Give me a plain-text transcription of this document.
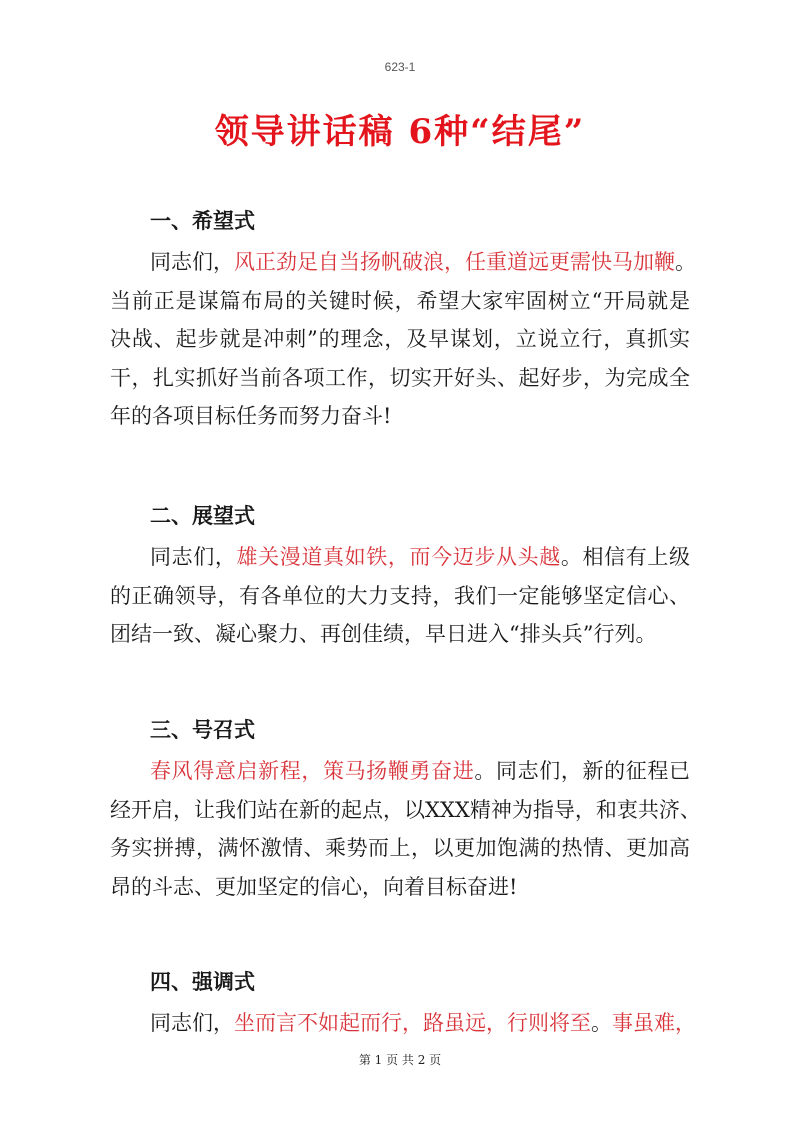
623-1
领导讲话稿 6种“结尾”
一、希望式
同志们，风正劲足自当扬帆破浪，任重道远更需快马加鞭。
当前正是谋篇布局的关键时候，希望大家牢固树立“开局就是
决战、起步就是冲刺”的理念，及早谋划，立说立行，真抓实
干，扎实抓好当前各项工作，切实开好头、起好步，为完成全
年的各项目标任务而努力奋斗!
二、展望式
同志们，雄关漫道真如铁，而今迈步从头越。相信有上级
的正确领导，有各单位的大力支持，我们一定能够坚定信心、
团结一致、凝心聚力、再创佳绩，早日进入“排头兵”行列。
三、号召式
春风得意启新程，策马扬鞭勇奋进。同志们，新的征程已
经开启，让我们站在新的起点，以XXX精神为指导，和衷共济、
务实拼搏，满怀激情、乘势而上，以更加饱满的热情、更加高
昂的斗志、更加坚定的信心，向着目标奋进!
四、强调式
同志们，坐而言不如起而行，路虽远，行则将至。事虽难，
第 1 页 共 2 页
